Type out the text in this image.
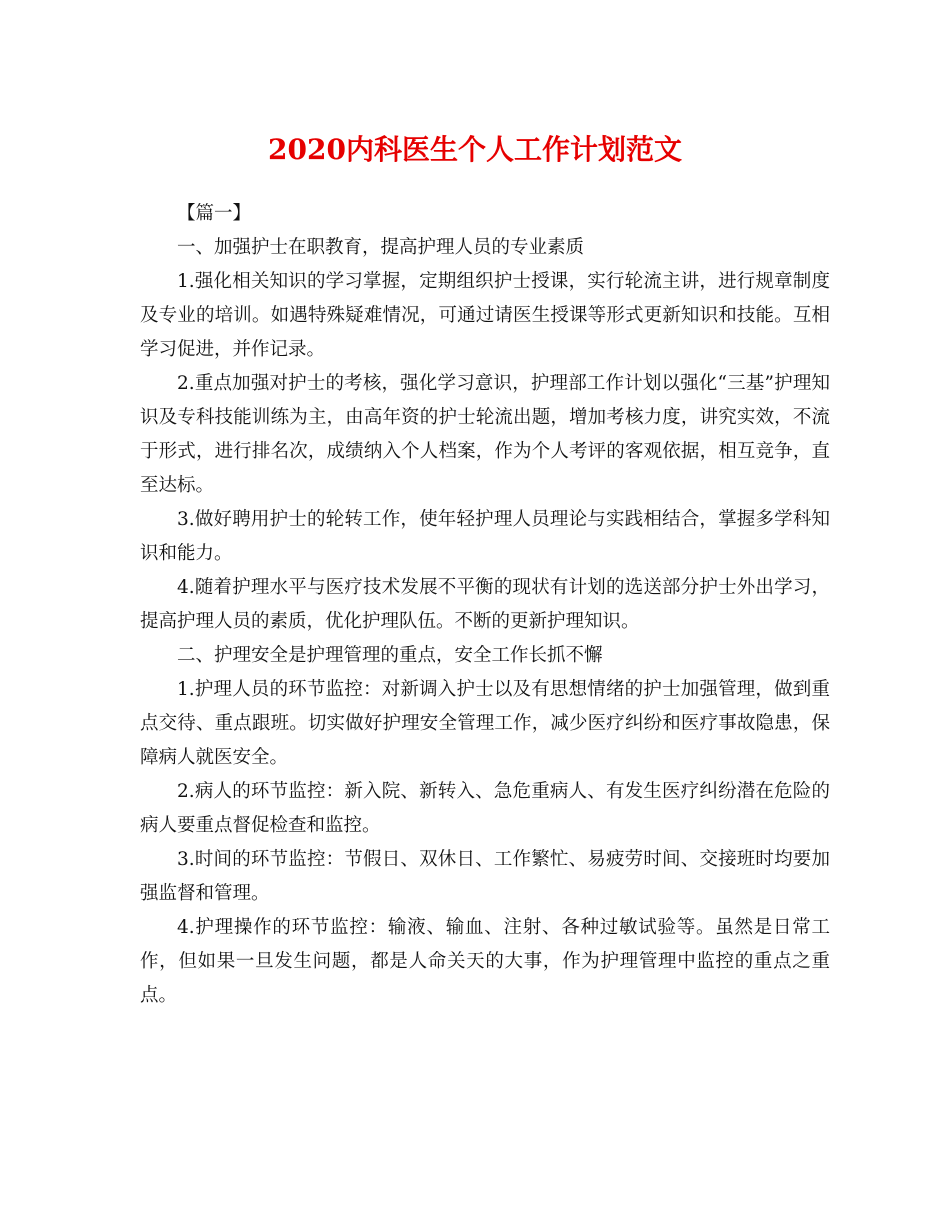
2020内科医生个人工作计划范文

【篇一】

一、加强护士在职教育，提高护理人员的专业素质

1.强化相关知识的学习掌握，定期组织护士授课，实行轮流主讲，进行规章制度及专业的培训。如遇特殊疑难情况，可通过请医生授课等形式更新知识和技能。互相学习促进，并作记录。

2.重点加强对护士的考核，强化学习意识，护理部工作计划以强化“三基”护理知识及专科技能训练为主，由高年资的护士轮流出题，增加考核力度，讲究实效，不流于形式，进行排名次，成绩纳入个人档案，作为个人考评的客观依据，相互竞争，直至达标。

3.做好聘用护士的轮转工作，使年轻护理人员理论与实践相结合，掌握多学科知识和能力。

4.随着护理水平与医疗技术发展不平衡的现状有计划的选送部分护士外出学习，提高护理人员的素质，优化护理队伍。不断的更新护理知识。

二、护理安全是护理管理的重点，安全工作长抓不懈

1.护理人员的环节监控：对新调入护士以及有思想情绪的护士加强管理，做到重点交待、重点跟班。切实做好护理安全管理工作，减少医疗纠纷和医疗事故隐患，保障病人就医安全。

2.病人的环节监控：新入院、新转入、急危重病人、有发生医疗纠纷潜在危险的病人要重点督促检查和监控。

3.时间的环节监控：节假日、双休日、工作繁忙、易疲劳时间、交接班时均要加强监督和管理。

4.护理操作的环节监控：输液、输血、注射、各种过敏试验等。虽然是日常工作，但如果一旦发生问题，都是人命关天的大事，作为护理管理中监控的重点之重点。
